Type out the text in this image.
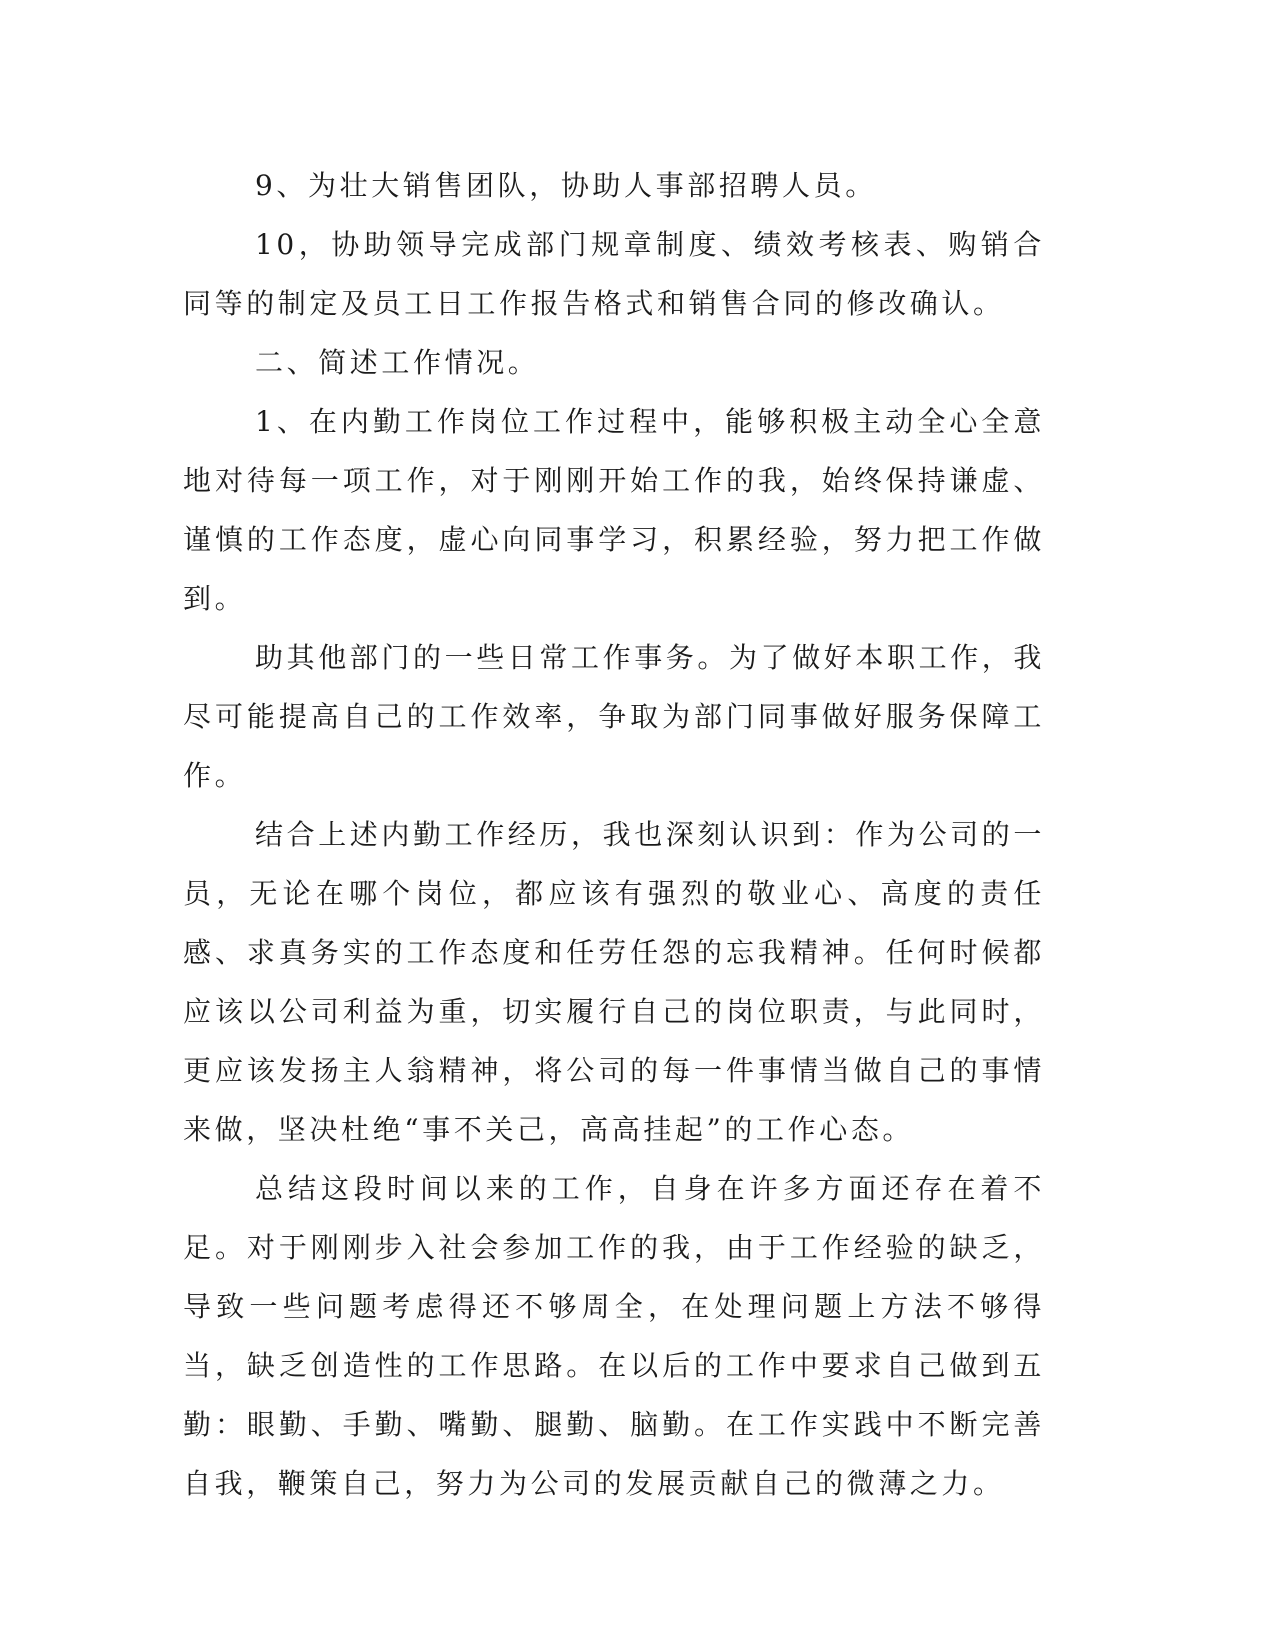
9、为壮大销售团队，协助人事部招聘人员。

10，协助领导完成部门规章制度、绩效考核表、购销合同等的制定及员工日工作报告格式和销售合同的修改确认。

二、简述工作情况。

1、在内勤工作岗位工作过程中，能够积极主动全心全意地对待每一项工作，对于刚刚开始工作的我，始终保持谦虚、谨慎的工作态度，虚心向同事学习，积累经验，努力把工作做到。

助其他部门的一些日常工作事务。为了做好本职工作，我尽可能提高自己的工作效率，争取为部门同事做好服务保障工作。

结合上述内勤工作经历，我也深刻认识到：作为公司的一员，无论在哪个岗位，都应该有强烈的敬业心、高度的责任感、求真务实的工作态度和任劳任怨的忘我精神。任何时候都应该以公司利益为重，切实履行自己的岗位职责，与此同时，更应该发扬主人翁精神，将公司的每一件事情当做自己的事情来做，坚决杜绝“事不关己，高高挂起”的工作心态。

总结这段时间以来的工作，自身在许多方面还存在着不足。对于刚刚步入社会参加工作的我，由于工作经验的缺乏，导致一些问题考虑得还不够周全，在处理问题上方法不够得当，缺乏创造性的工作思路。在以后的工作中要求自己做到五勤：眼勤、手勤、嘴勤、腿勤、脑勤。在工作实践中不断完善自我，鞭策自己，努力为公司的发展贡献自己的微薄之力。
